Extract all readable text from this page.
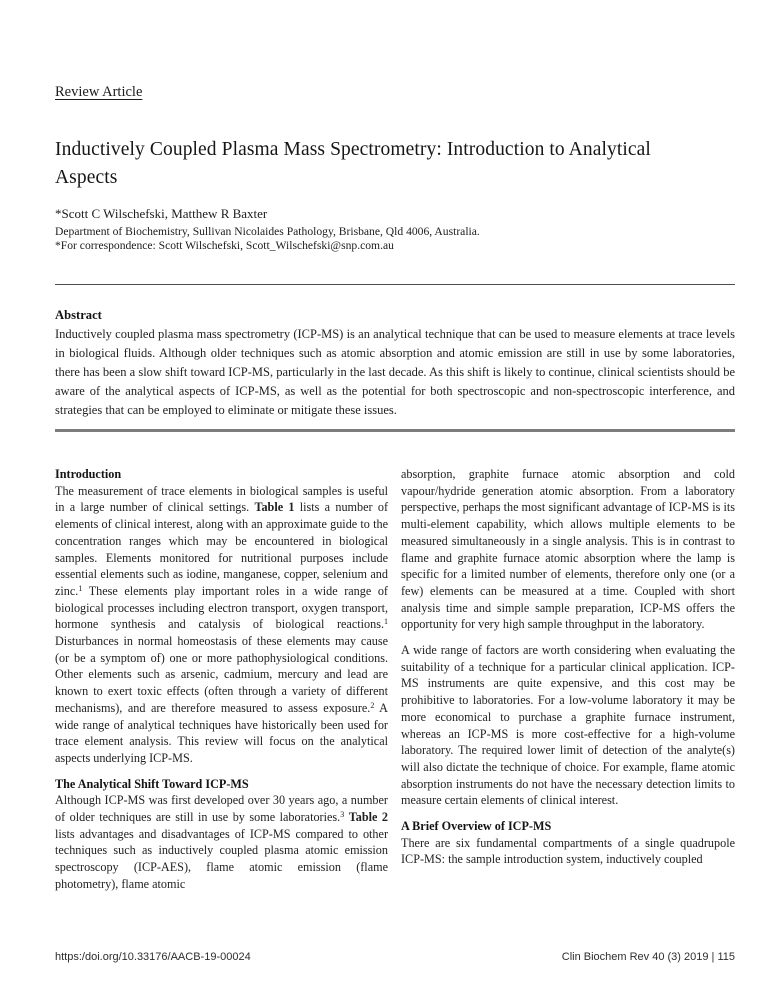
Review Article
Inductively Coupled Plasma Mass Spectrometry: Introduction to Analytical Aspects
*Scott C Wilschefski, Matthew R Baxter
Department of Biochemistry, Sullivan Nicolaides Pathology, Brisbane, Qld 4006, Australia.
*For correspondence: Scott Wilschefski, Scott_Wilschefski@snp.com.au
Abstract
Inductively coupled plasma mass spectrometry (ICP-MS) is an analytical technique that can be used to measure elements at trace levels in biological fluids. Although older techniques such as atomic absorption and atomic emission are still in use by some laboratories, there has been a slow shift toward ICP-MS, particularly in the last decade. As this shift is likely to continue, clinical scientists should be aware of the analytical aspects of ICP-MS, as well as the potential for both spectroscopic and non-spectroscopic interference, and strategies that can be employed to eliminate or mitigate these issues.
Introduction

The measurement of trace elements in biological samples is useful in a large number of clinical settings. Table 1 lists a number of elements of clinical interest, along with an approximate guide to the concentration ranges which may be encountered in biological samples. Elements monitored for nutritional purposes include essential elements such as iodine, manganese, copper, selenium and zinc.$^1$ These elements play important roles in a wide range of biological processes including electron transport, oxygen transport, hormone synthesis and catalysis of biological reactions.$^1$ Disturbances in normal homeostasis of these elements may cause (or be a symptom of) one or more pathophysiological conditions. Other elements such as arsenic, cadmium, mercury and lead are known to exert toxic effects (often through a variety of different mechanisms), and are therefore measured to assess exposure.$^2$ A wide range of analytical techniques have historically been used for trace element analysis. This review will focus on the analytical aspects underlying ICP-MS.

The Analytical Shift Toward ICP-MS

Although ICP-MS was first developed over 30 years ago, a number of older techniques are still in use by some laboratories.$^3$ Table 2 lists advantages and disadvantages of ICP-MS compared to other techniques such as inductively coupled plasma atomic emission spectroscopy (ICP-AES), flame atomic emission (flame photometry), flame atomic

absorption, graphite furnace atomic absorption and cold vapour/hydride generation atomic absorption. From a laboratory perspective, perhaps the most significant advantage of ICP-MS is its multi-element capability, which allows multiple elements to be measured simultaneously in a single analysis. This is in contrast to flame and graphite furnace atomic absorption where the lamp is specific for a limited number of elements, therefore only one (or a few) elements can be measured at a time. Coupled with short analysis time and simple sample preparation, ICP-MS offers the opportunity for very high sample throughput in the laboratory.

A wide range of factors are worth considering when evaluating the suitability of a technique for a particular clinical application. ICP-MS instruments are quite expensive, and this cost may be prohibitive to laboratories. For a low-volume laboratory it may be more economical to purchase a graphite furnace instrument, whereas an ICP-MS is more cost-effective for a high-volume laboratory. The required lower limit of detection of the analyte(s) will also dictate the technique of choice. For example, flame atomic absorption instruments do not have the necessary detection limits to measure certain elements of clinical interest.

A Brief Overview of ICP-MS

There are six fundamental compartments of a single quadrupole ICP-MS: the sample introduction system, inductively coupled

https:/doi.org/10.33176/AACB-19-00024	Clin Biochem Rev 40 (3) 2019 | 115
